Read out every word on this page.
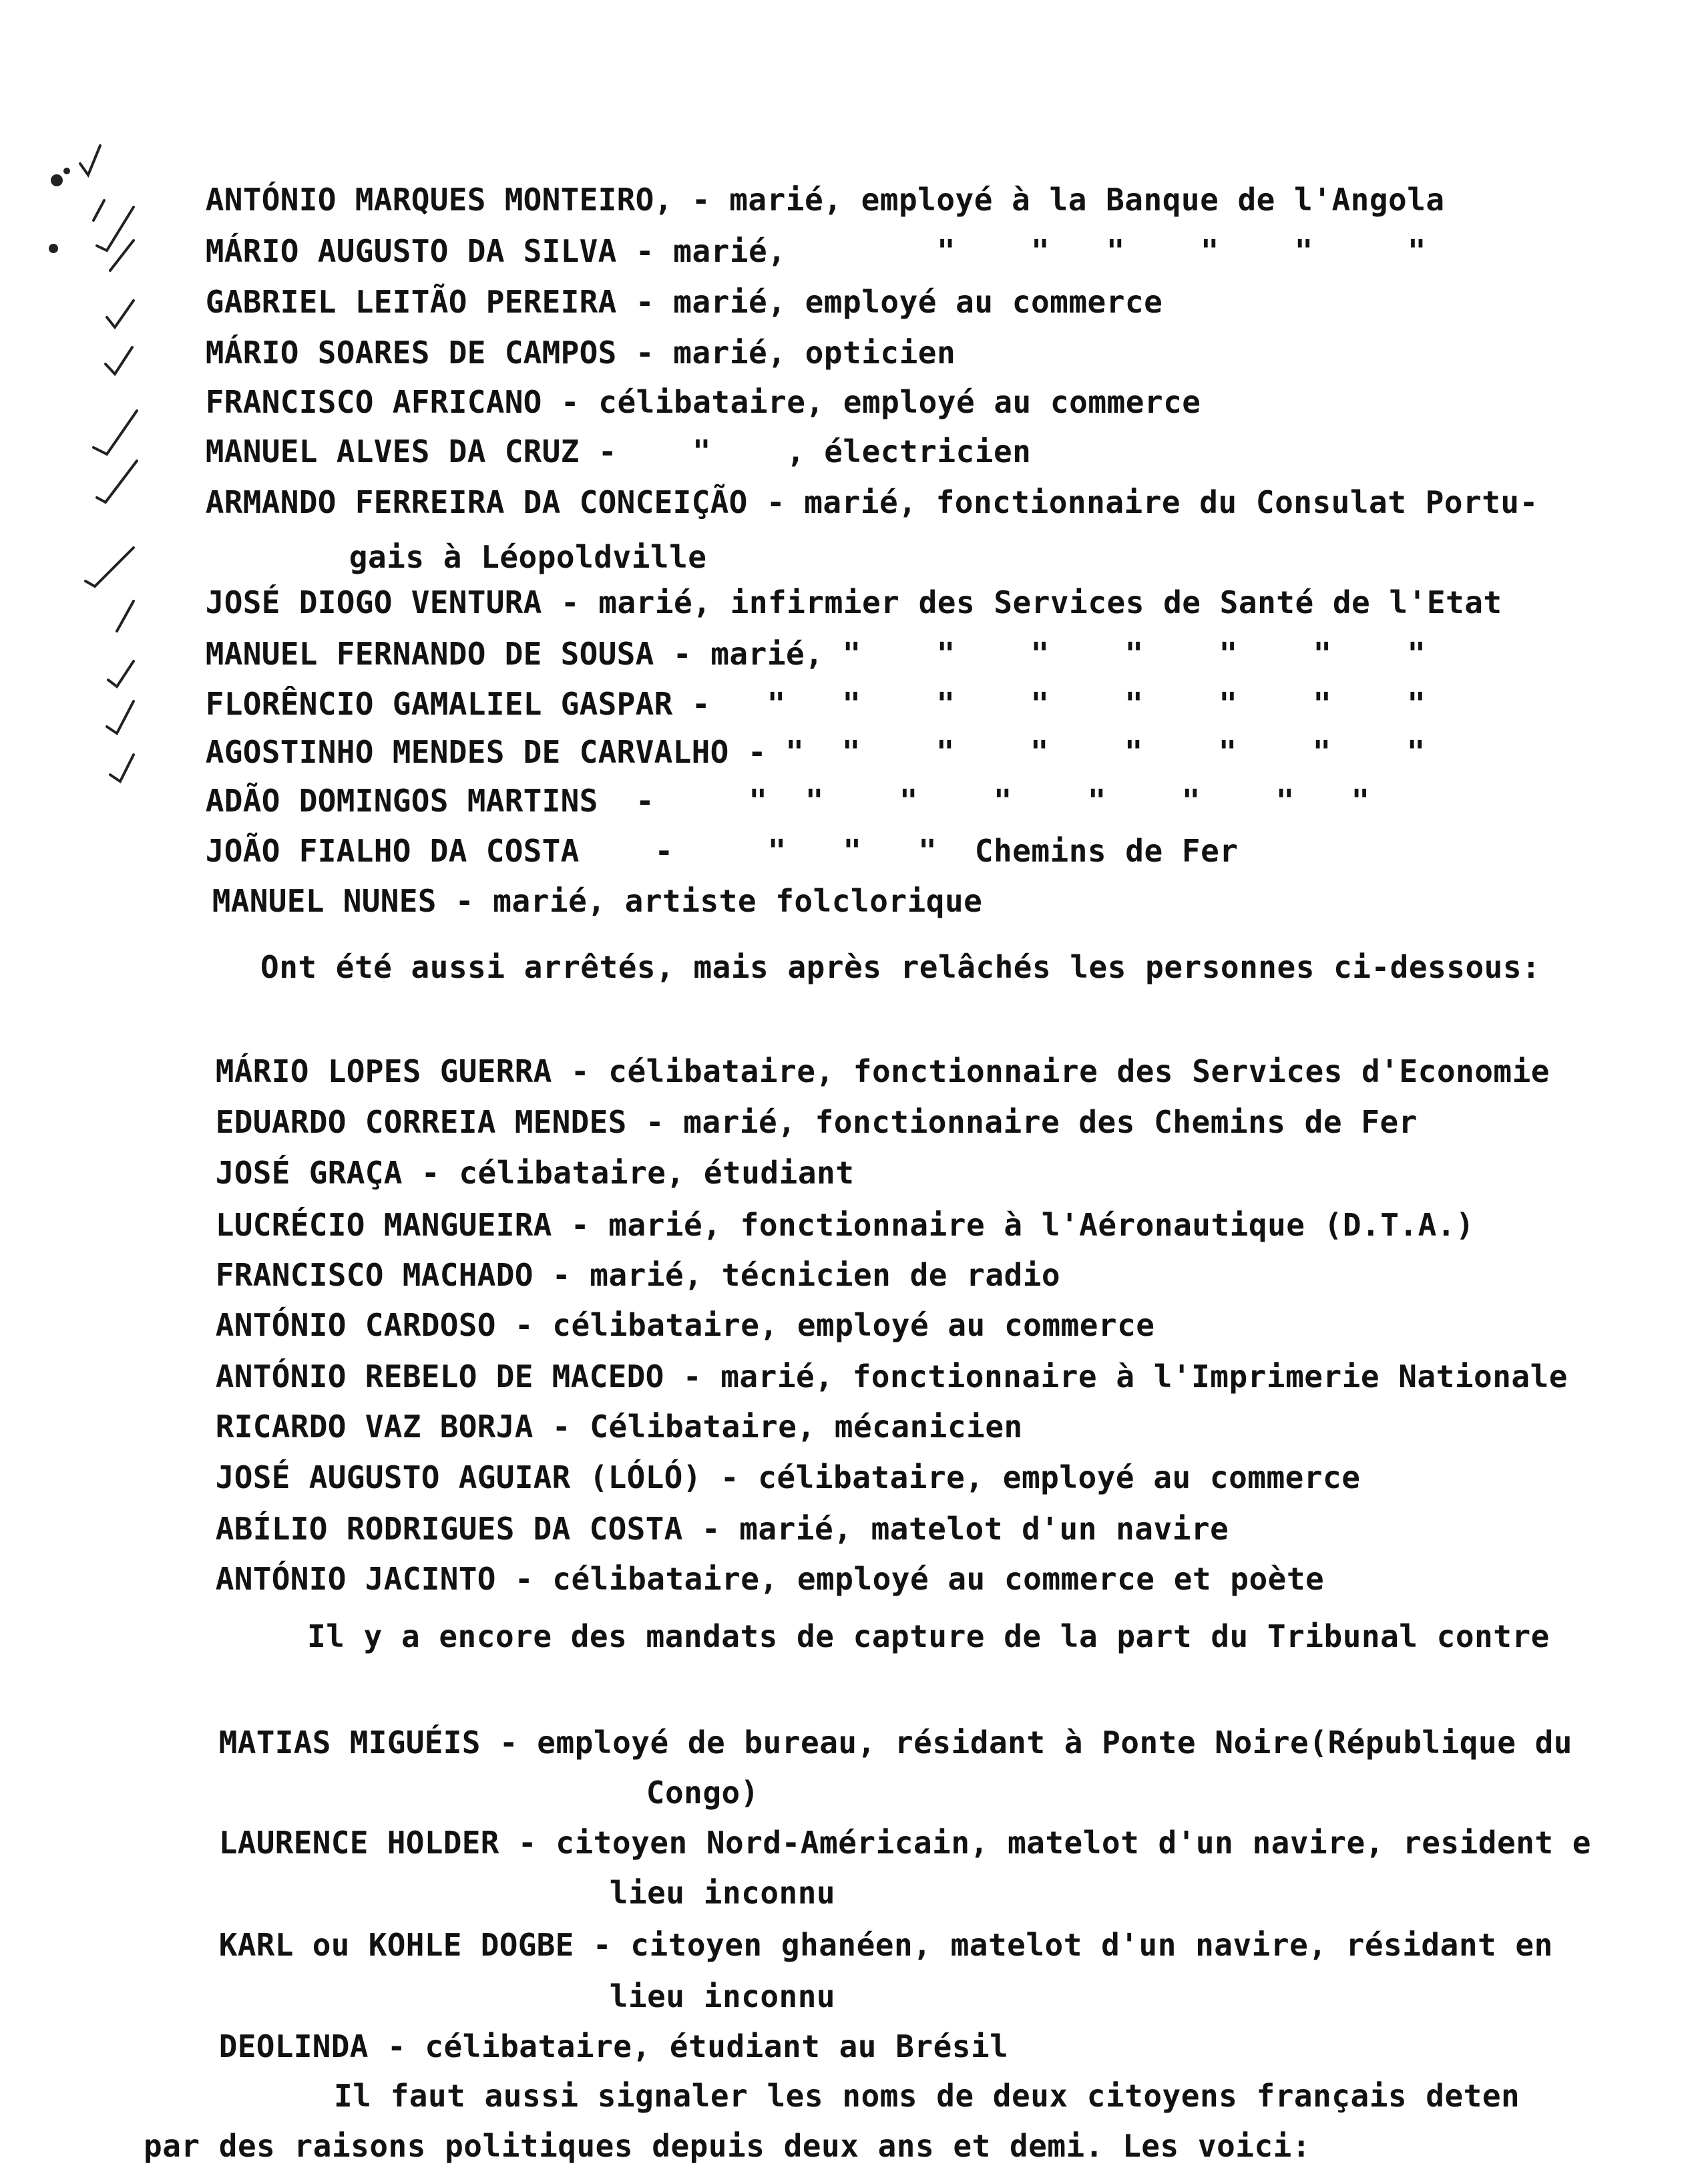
ANTÓNIO MARQUES MONTEIRO, - marié, employé à la Banque de l'Angola

MÁRIO AUGUSTO DA SILVA - marié,        "    "   "    "    "     "

GABRIEL LEITÃO PEREIRA - marié, employé au commerce

MÁRIO SOARES DE CAMPOS - marié, opticien

FRANCISCO AFRICANO - célibataire, employé au commerce

MANUEL ALVES DA CRUZ -    "    , électricien

ARMANDO FERREIRA DA CONCEIÇÃO - marié, fonctionnaire du Consulat Portu-

gais à Léopoldville

JOSÉ DIOGO VENTURA - marié, infirmier des Services de Santé de l'Etat

MANUEL FERNANDO DE SOUSA - marié, "    "    "    "    "    "    "

FLORÊNCIO GAMALIEL GASPAR -   "   "    "    "    "    "    "    "

AGOSTINHO MENDES DE CARVALHO - "  "    "    "    "    "    "    "

ADÃO DOMINGOS MARTINS  -     "  "    "    "    "    "    "   "

JOÃO FIALHO DA COSTA    -     "   "   "  Chemins de Fer

MANUEL NUNES - marié, artiste folclorique

Ont été aussi arrêtés, mais après relâchés les personnes ci-dessous:

MÁRIO LOPES GUERRA - célibataire, fonctionnaire des Services d'Economie

EDUARDO CORREIA MENDES - marié, fonctionnaire des Chemins de Fer

JOSÉ GRAÇA - célibataire, étudiant

LUCRÉCIO MANGUEIRA - marié, fonctionnaire à l'Aéronautique (D.T.A.)

FRANCISCO MACHADO - marié, técnicien de radio

ANTÓNIO CARDOSO - célibataire, employé au commerce

ANTÓNIO REBELO DE MACEDO - marié, fonctionnaire à l'Imprimerie Nationale

RICARDO VAZ BORJA - Célibataire, mécanicien

JOSÉ AUGUSTO AGUIAR (LÓLÓ) - célibataire, employé au commerce

ABÍLIO RODRIGUES DA COSTA - marié, matelot d'un navire

ANTÓNIO JACINTO - célibataire, employé au commerce et poète

Il y a encore des mandats de capture de la part du Tribunal contre

MATIAS MIGUÉIS - employé de bureau, résidant à Ponte Noire(République du

Congo)

LAURENCE HOLDER - citoyen Nord-Américain, matelot d'un navire, resident e

lieu inconnu

KARL ou KOHLE DOGBE - citoyen ghanéen, matelot d'un navire, résidant en

lieu inconnu

DEOLINDA - célibataire, étudiant au Brésil

Il faut aussi signaler les noms de deux citoyens français deten
par des raisons politiques depuis deux ans et demi. Les voici:
